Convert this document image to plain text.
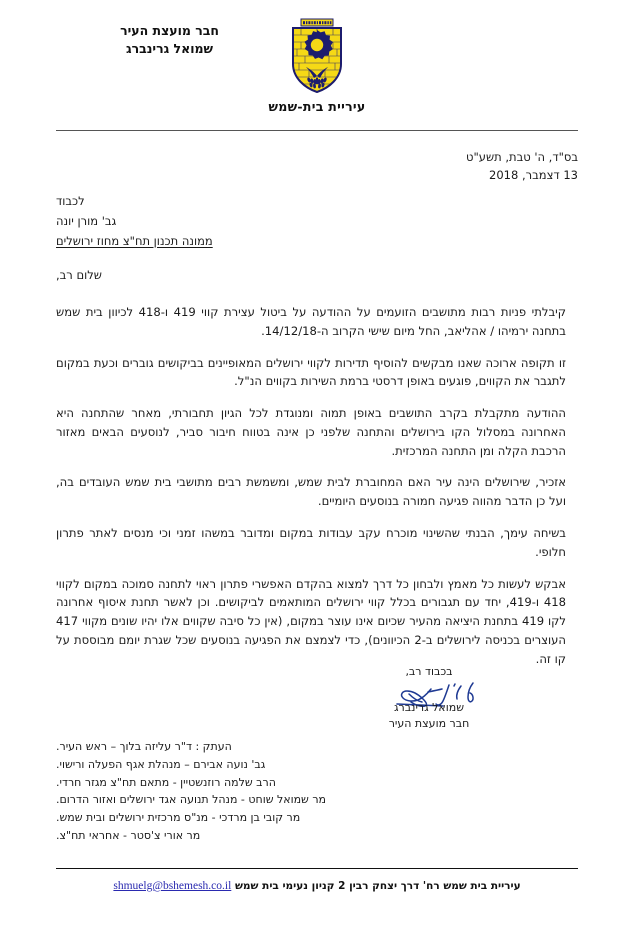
חבר מועצת העיר
שמואל גרינברג
עיריית בית-שמש
בס"ד, ה' טבת, תשע"ט
13 דצמבר, 2018
לכבוד
גב' מורן יונה
ממונה תכנון תח"צ מחוז ירושלים
שלום רב,

קיבלתי פניות רבות מתושבים הזועמים על ההודעה על ביטול עצירת קווי 419 ו-418 לכיוון בית שמש בתחנה ירמיהו / אהליאב, החל מיום שישי הקרוב ה-14/12/18.

זו תקופה ארוכה שאנו מבקשים להוסיף תדירות לקווי ירושלים המאופיינים בביקושים גוברים וכעת במקום לתגבר את הקווים, פוגעים באופן דרסטי ברמת השירות בקווים הנ"ל.

ההודעה מתקבלת בקרב התושבים באופן תמוה ומנוגדת לכל הגיון תחבורתי, מאחר שהתחנה היא האחרונה במסלול הקו בירושלים והתחנה שלפני כן אינה בטווח חיבור סביר, לנוסעים הבאים מאזור הרכבת הקלה ומן התחנה המרכזית.

אזכיר, שירושלים הינה עיר האם המחוברת לבית שמש, ומשמשת רבים מתושבי בית שמש העובדים בה, ועל כן הדבר מהווה פגיעה חמורה בנוסעים היומיים.

בשיחה עימך, הבנתי שהשינוי מוכרח עקב עבודות במקום ומדובר במשהו זמני וכי מנסים לאתר פתרון חלופי.

אבקש לעשות כל מאמץ ולבחון כל דרך למצוא בהקדם האפשרי פתרון ראוי לתחנה סמוכה במקום לקווי 418 ו-419, יחד עם תגבורים בכלל קווי ירושלים המותאמים לביקושים. וכן לאשר תחנת איסוף אחרונה לקו 419 בתחנת היציאה מהעיר שכיום אינו עוצר במקום, (אין כל סיבה שקווים אלו יהיו שונים מקווי 417 העוצרים בכניסה לירושלים ב-2 הכיוונים), כדי לצמצם את הפגיעה בנוסעים שכל שגרת יומם מבוססת על קו זה.

בכבוד רב,
שמואל גרינברג
חבר מועצת העיר
העתק : ד"ר עליזה בלוך – ראש העיר.
גב' נועה אבירם – מנהלת אגף הפעלה ורישוי.
הרב שלמה רוזנשטיין - מתאם תח"צ מגזר חרדי.
מר שמואל שוחט - מנהל תנועה אגד ירושלים ואזור הדרום.
מר קובי בן מרדכי - מנ"ס מרכזית ירושלים ובית שמש.
מר אורי צ'סטר - אחראי תח"צ.
עיריית בית שמש רח' דרך יצחק רבין 2 קניון נעימי בית שמש shmuelg@bshemesh.co.il
